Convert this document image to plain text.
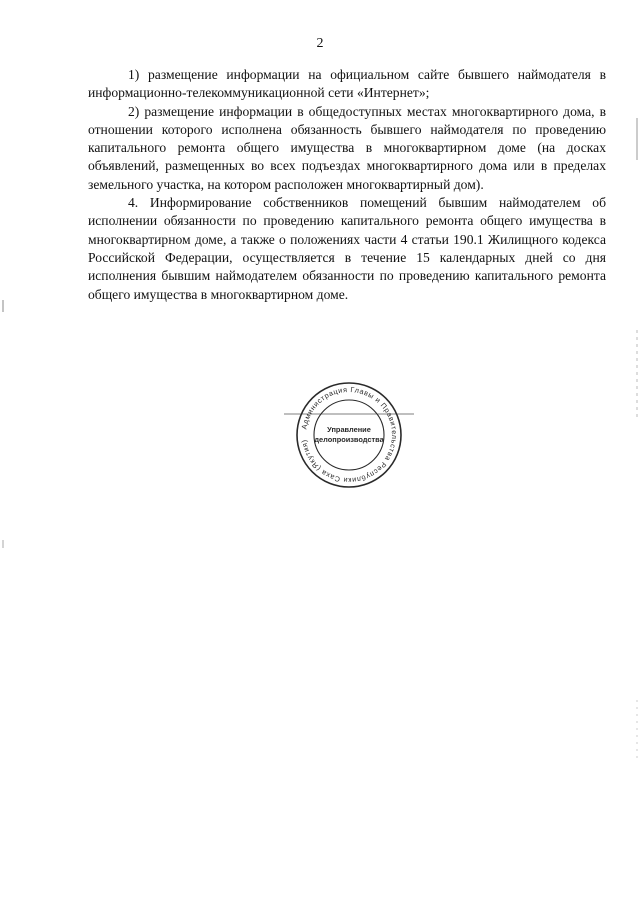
2

1) размещение информации на официальном сайте бывшего наймодателя в информационно-телекоммуникационной сети «Интернет»;

2) размещение информации в общедоступных местах многоквартирного дома, в отношении которого исполнена обязанность бывшего наймодателя по проведению капитального ремонта общего имущества в многоквартирном доме (на досках объявлений, размещенных во всех подъездах многоквартирного дома или в пределах земельного участка, на котором расположен многоквартирный дом).

4. Информирование собственников помещений бывшим наймодателем об исполнении обязанности по проведению капитального ремонта общего имущества в многоквартирном доме, а также о положениях части 4 статьи 190.1 Жилищного кодекса Российской Федерации, осуществляется в течение 15 календарных дней со дня исполнения бывшим наймодателем обязанности по проведению капитального ремонта общего имущества в многоквартирном доме.

Администрация Главы и Правительства Республики Саха (Якутия)
Управление
делопроизводства
